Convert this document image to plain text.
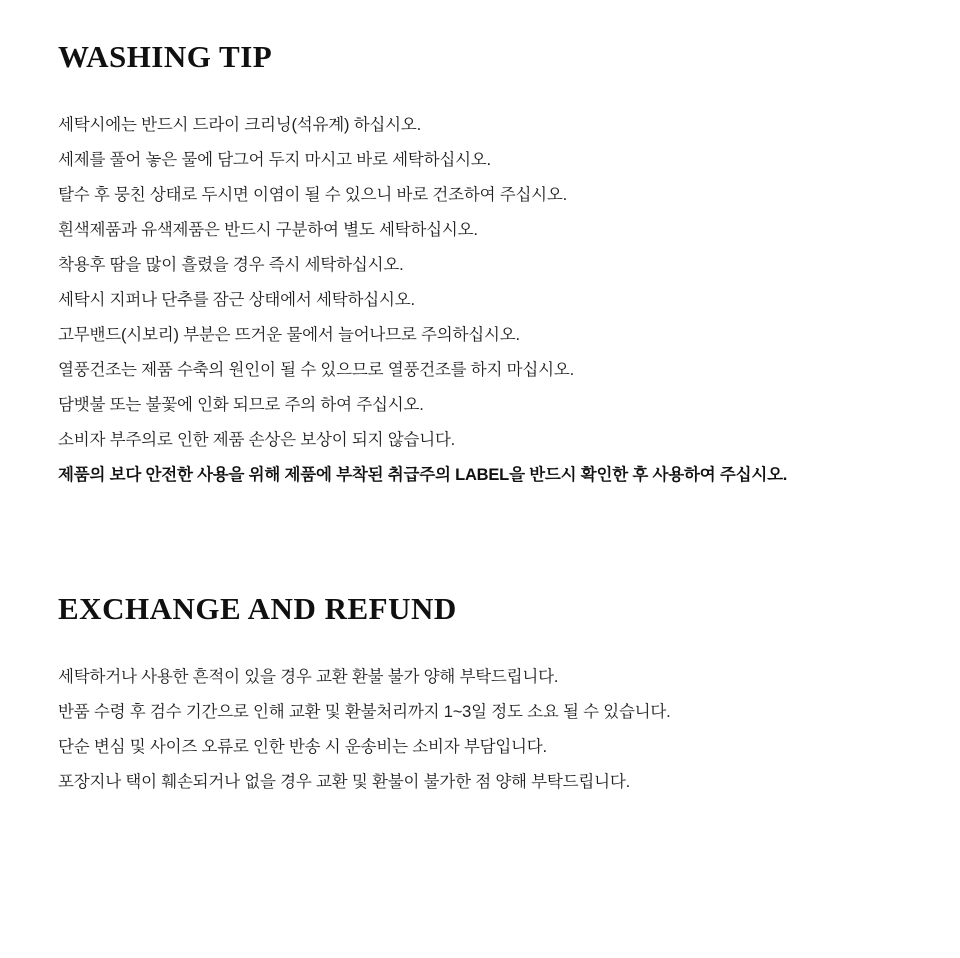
WASHING TIP
세탁시에는 반드시 드라이 크리닝(석유계) 하십시오.
세제를 풀어 놓은 물에 담그어 두지 마시고 바로 세탁하십시오.
탈수 후 뭉친 상태로 두시면 이염이 될 수 있으니 바로 건조하여 주십시오.
흰색제품과 유색제품은 반드시 구분하여 별도 세탁하십시오.
착용후 땀을 많이 흘렸을 경우 즉시 세탁하십시오.
세탁시 지퍼나 단추를 잠근 상태에서 세탁하십시오.
고무밴드(시보리) 부분은 뜨거운 물에서 늘어나므로 주의하십시오.
열풍건조는 제품 수축의 원인이 될 수 있으므로 열풍건조를 하지 마십시오.
담뱃불 또는 불꽃에 인화 되므로 주의 하여 주십시오.
소비자 부주의로 인한 제품 손상은 보상이 되지 않습니다.
제품의 보다 안전한 사용을 위해 제품에 부착된 취급주의 LABEL을 반드시 확인한 후 사용하여 주십시오.
EXCHANGE AND REFUND
세탁하거나 사용한 흔적이 있을 경우 교환 환불 불가 양해 부탁드립니다.
반품 수령 후 검수 기간으로 인해 교환 및 환불처리까지 1~3일 정도 소요 될 수 있습니다.
단순 변심 및 사이즈 오류로 인한 반송 시 운송비는 소비자 부담입니다.
포장지나 택이 훼손되거나 없을 경우 교환 및 환불이 불가한 점 양해 부탁드립니다.
